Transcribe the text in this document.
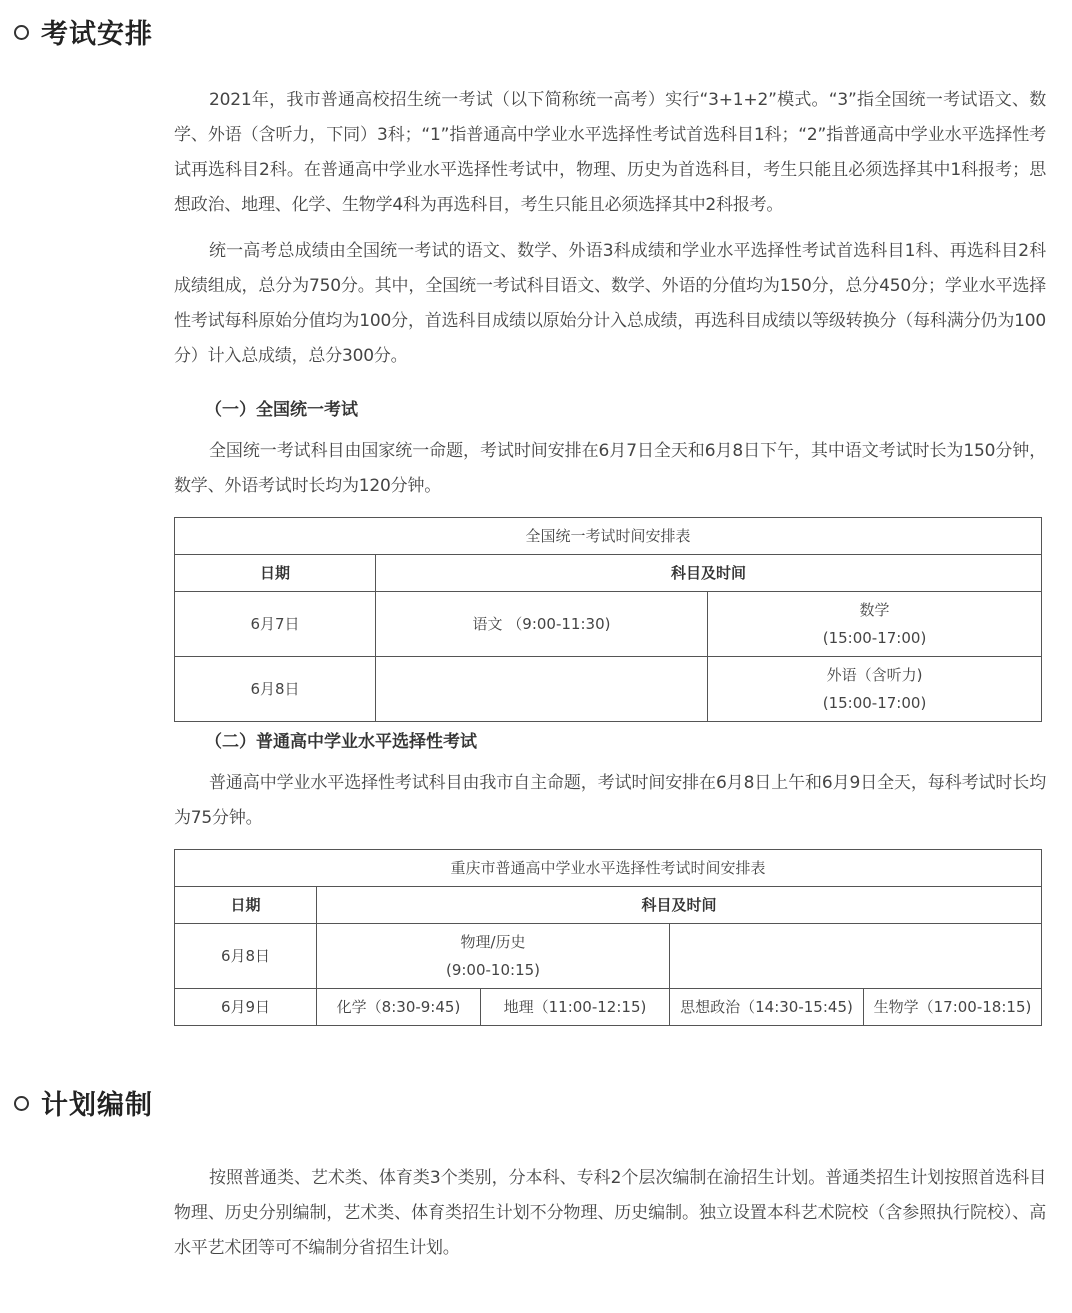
考试安排

2021年，我市普通高校招生统一考试（以下简称统一高考）实行“3+1+2”模式。“3”指全国统一考试语文、数学、外语（含听力，下同）3科；“1”指普通高中学业水平选择性考试首选科目1科；“2”指普通高中学业水平选择性考试再选科目2科。在普通高中学业水平选择性考试中，物理、历史为首选科目，考生只能且必须选择其中1科报考；思想政治、地理、化学、生物学4科为再选科目，考生只能且必须选择其中2科报考。

统一高考总成绩由全国统一考试的语文、数学、外语3科成绩和学业水平选择性考试首选科目1科、再选科目2科成绩组成，总分为750分。其中，全国统一考试科目语文、数学、外语的分值均为150分，总分450分；学业水平选择性考试每科原始分值均为100分，首选科目成绩以原始分计入总成绩，再选科目成绩以等级转换分（每科满分仍为100分）计入总成绩，总分300分。

（一）全国统一考试

全国统一考试科目由国家统一命题，考试时间安排在6月7日全天和6月8日下午，其中语文考试时长为150分钟，数学、外语考试时长均为120分钟。

全国统一考试时间安排表		
日期	科目及时间	
6月7日	语文 （9:00-11:30)	数学
(15:00-17:00)

6月8日		外语（含听力)
(15:00-17:00)
（二）普通高中学业水平选择性考试

普通高中学业水平选择性考试科目由我市自主命题，考试时间安排在6月8日上午和6月9日全天，每科考试时长均为75分钟。

重庆市普通高中学业水平选择性考试时间安排表				
日期	科目及时间			
6月8日	物理/历史
(9:00-10:15)			

6月9日	化学（8:30-9:45)	地理（11:00-12:15)	思想政治（14:30-15:45)	生物学（17:00-18:15)
计划编制

按照普通类、艺术类、体育类3个类别，分本科、专科2个层次编制在渝招生计划。普通类招生计划按照首选科目物理、历史分别编制，艺术类、体育类招生计划不分物理、历史编制。独立设置本科艺术院校（含参照执行院校）、高水平艺术团等可不编制分省招生计划。
